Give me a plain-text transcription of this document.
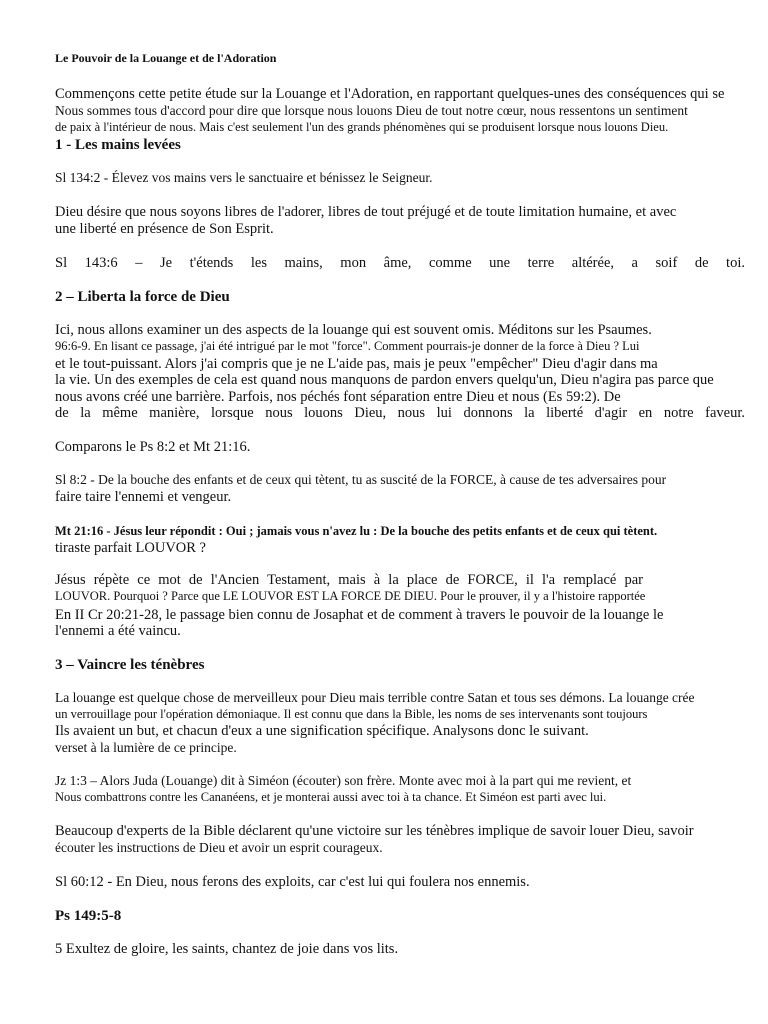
Le Pouvoir de la Louange et de l'Adoration
Commençons cette petite étude sur la Louange et l'Adoration, en rapportant quelques-unes des conséquences qui se
Nous sommes tous d'accord pour dire que lorsque nous louons Dieu de tout notre cœur, nous ressentons un sentiment
de paix à l'intérieur de nous. Mais c'est seulement l'un des grands phénomènes qui se produisent lorsque nous louons Dieu.
1 - Les mains levées
Sl 134:2 - Élevez vos mains vers le sanctuaire et bénissez le Seigneur.
Dieu désire que nous soyons libres de l'adorer, libres de tout préjugé et de toute limitation humaine, et avec
une liberté en présence de Son Esprit.
Sl 143:6 – Je t'étends les mains, mon âme, comme une terre altérée, a soif de toi.
2 – Liberta la force de Dieu
Ici, nous allons examiner un des aspects de la louange qui est souvent omis. Méditons sur les Psaumes.
96:6-9. En lisant ce passage, j'ai été intrigué par le mot "force". Comment pourrais-je donner de la force à Dieu ? Lui
et le tout-puissant. Alors j'ai compris que je ne L'aide pas, mais je peux "empêcher" Dieu d'agir dans ma
la vie. Un des exemples de cela est quand nous manquons de pardon envers quelqu'un, Dieu n'agira pas parce que
nous avons créé une barrière. Parfois, nos péchés font séparation entre Dieu et nous (Es 59:2). De
de la même manière, lorsque nous louons Dieu, nous lui donnons la liberté d'agir en notre faveur.
Comparons le Ps 8:2 et Mt 21:16.
Sl 8:2 - De la bouche des enfants et de ceux qui tètent, tu as suscité de la FORCE, à cause de tes adversaires pour
faire taire l'ennemi et vengeur.
Mt 21:16 - Jésus leur répondit : Oui ; jamais vous n'avez lu : De la bouche des petits enfants et de ceux qui tètent.
tiraste parfait LOUVOR ?
Jésus répète ce mot de l'Ancien Testament, mais à la place de FORCE, il l'a remplacé par
LOUVOR. Pourquoi ? Parce que LE LOUVOR EST LA FORCE DE DIEU. Pour le prouver, il y a l'histoire rapportée
En II Cr 20:21-28, le passage bien connu de Josaphat et de comment à travers le pouvoir de la louange le
l'ennemi a été vaincu.
3 – Vaincre les ténèbres
La louange est quelque chose de merveilleux pour Dieu mais terrible contre Satan et tous ses démons. La louange crée
un verrouillage pour l'opération démoniaque. Il est connu que dans la Bible, les noms de ses intervenants sont toujours
Ils avaient un but, et chacun d'eux a une signification spécifique. Analysons donc le suivant.
verset à la lumière de ce principe.
Jz 1:3 – Alors Juda (Louange) dit à Siméon (écouter) son frère. Monte avec moi à la part qui me revient, et
Nous combattrons contre les Cananéens, et je monterai aussi avec toi à ta chance. Et Siméon est parti avec lui.
Beaucoup d'experts de la Bible déclarent qu'une victoire sur les ténèbres implique de savoir louer Dieu, savoir
écouter les instructions de Dieu et avoir un esprit courageux.
Sl 60:12 - En Dieu, nous ferons des exploits, car c'est lui qui foulera nos ennemis.
Ps 149:5-8
5 Exultez de gloire, les saints, chantez de joie dans vos lits.
